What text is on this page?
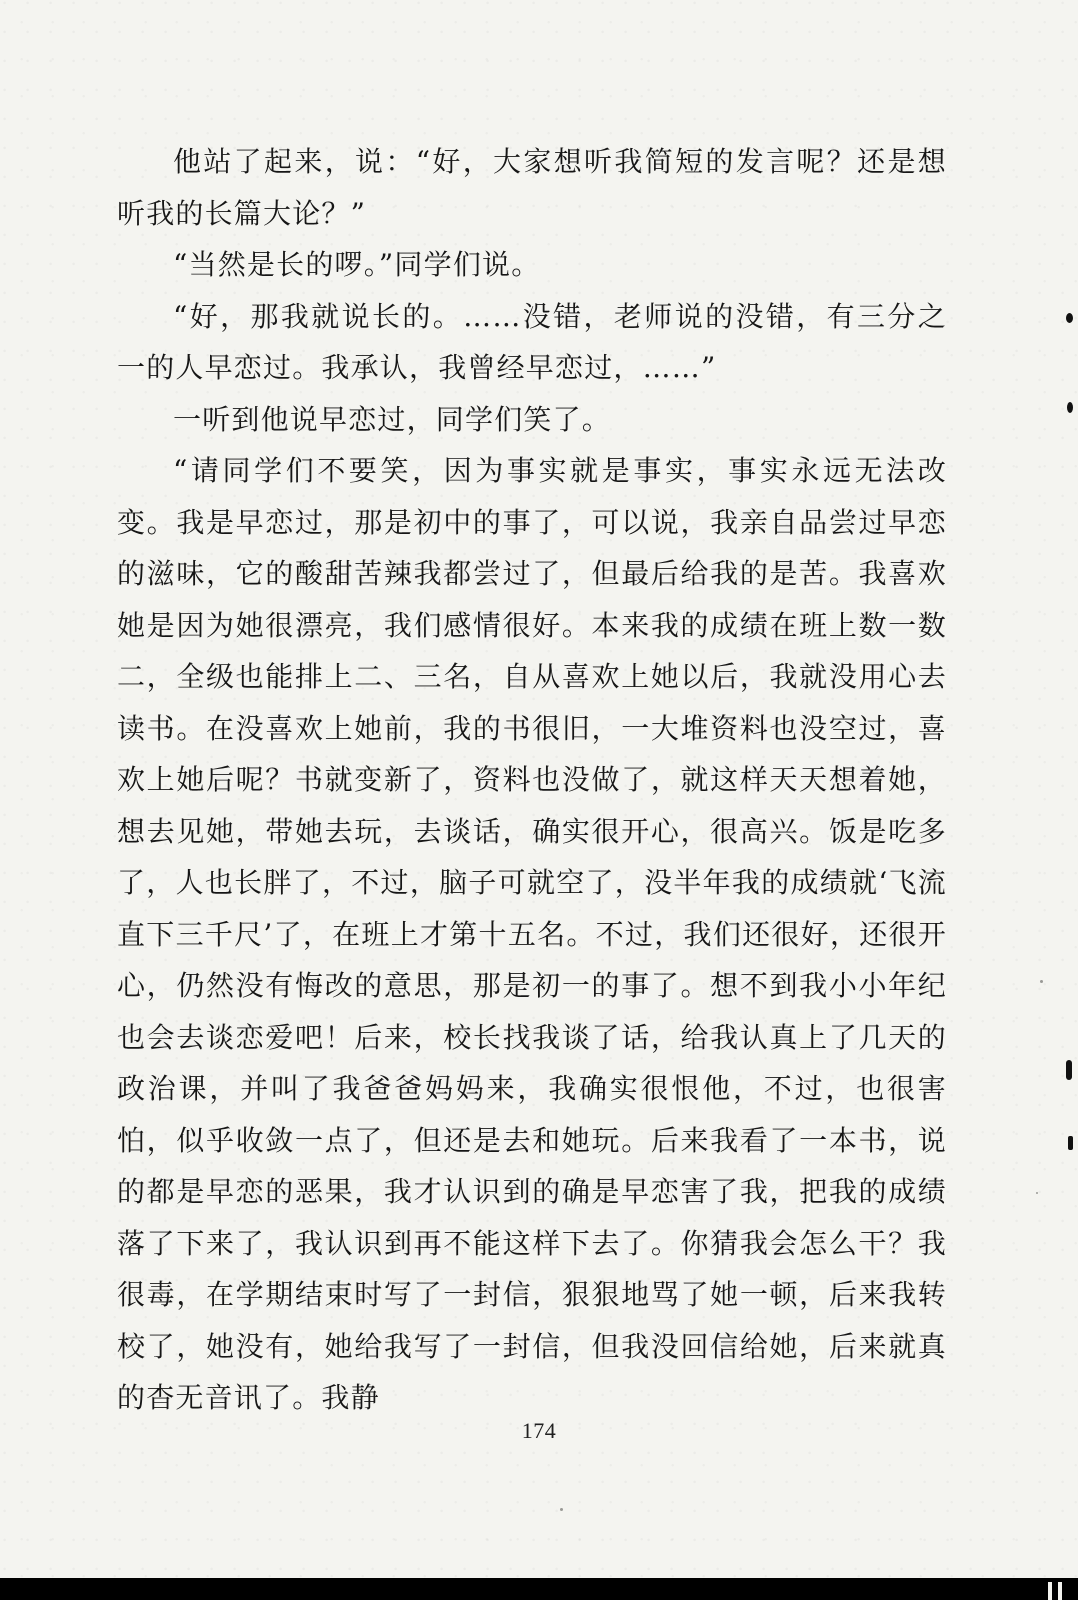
他站了起来，说：“好，大家想听我简短的发言呢？还是想听我的长篇大论？”

“当然是长的啰。”同学们说。

“好，那我就说长的。……没错，老师说的没错，有三分之一的人早恋过。我承认，我曾经早恋过，……”

一听到他说早恋过，同学们笑了。

“请同学们不要笑，因为事实就是事实，事实永远无法改变。我是早恋过，那是初中的事了，可以说，我亲自品尝过早恋的滋味，它的酸甜苦辣我都尝过了，但最后给我的是苦。我喜欢她是因为她很漂亮，我们感情很好。本来我的成绩在班上数一数二，全级也能排上二、三名，自从喜欢上她以后，我就没用心去读书。在没喜欢上她前，我的书很旧，一大堆资料也没空过，喜欢上她后呢？书就变新了，资料也没做了，就这样天天想着她，想去见她，带她去玩，去谈话，确实很开心，很高兴。饭是吃多了，人也长胖了，不过，脑子可就空了，没半年我的成绩就‘飞流直下三千尺’了，在班上才第十五名。不过，我们还很好，还很开心，仍然没有悔改的意思，那是初一的事了。想不到我小小年纪也会去谈恋爱吧！后来，校长找我谈了话，给我认真上了几天的政治课，并叫了我爸爸妈妈来，我确实很恨他，不过，也很害怕，似乎收敛一点了，但还是去和她玩。后来我看了一本书，说的都是早恋的恶果，我才认识到的确是早恋害了我，把我的成绩落了下来了，我认识到再不能这样下去了。你猜我会怎么干？我很毒，在学期结束时写了一封信，狠狠地骂了她一顿，后来我转校了，她没有，她给我写了一封信，但我没回信给她，后来就真的杳无音讯了。我静

174
